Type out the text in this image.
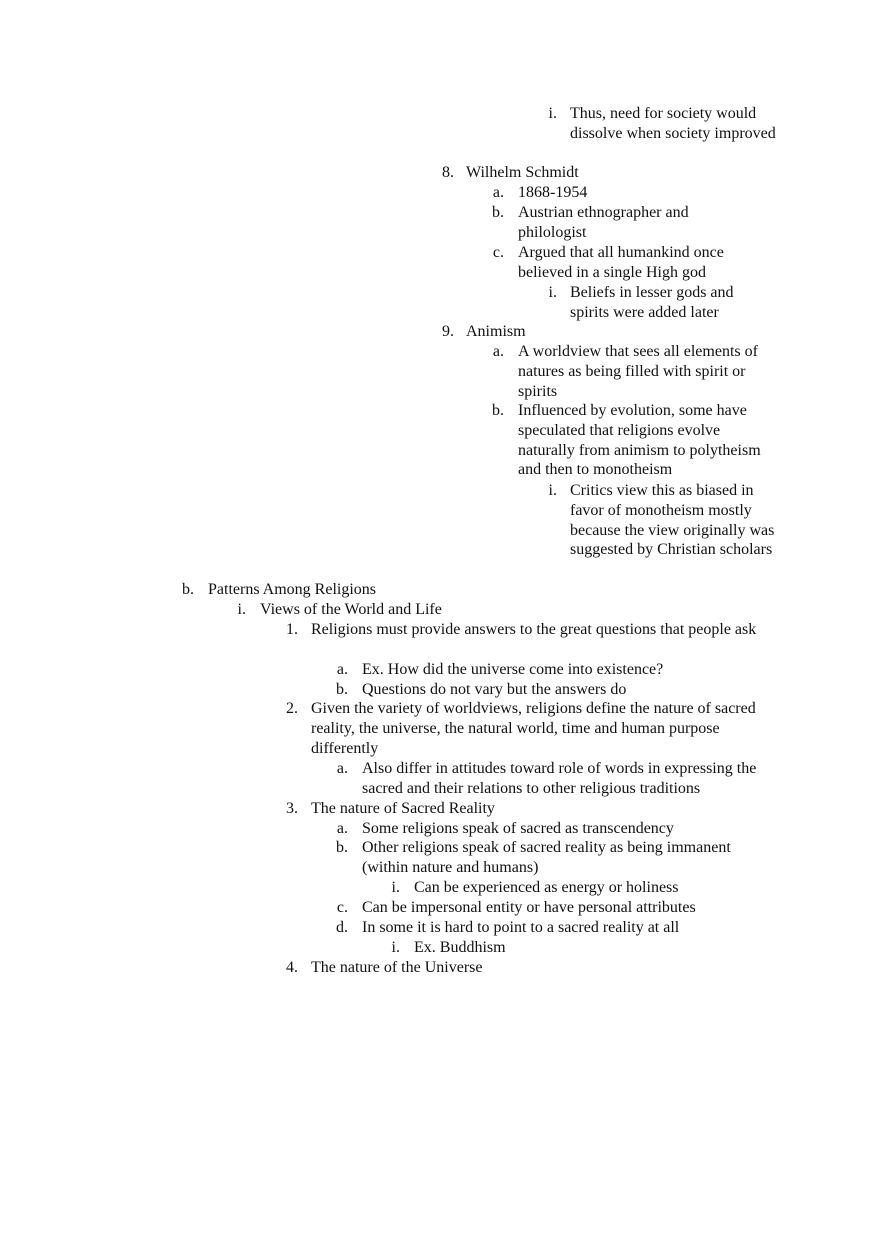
i. Thus, need for society would dissolve when society improved
8. Wilhelm Schmidt
a. 1868-1954
b. Austrian ethnographer and philologist
c. Argued that all humankind once believed in a single High god
i. Beliefs in lesser gods and spirits were added later
9. Animism
a. A worldview that sees all elements of natures as being filled with spirit or spirits
b. Influenced by evolution, some have speculated that religions evolve naturally from animism to polytheism and then to monotheism
i. Critics view this as biased in favor of monotheism mostly because the view originally was suggested by Christian scholars
b. Patterns Among Religions
i. Views of the World and Life
1. Religions must provide answers to the great questions that people ask
a. Ex. How did the universe come into existence?
b. Questions do not vary but the answers do
2. Given the variety of worldviews, religions define the nature of sacred reality, the universe, the natural world, time and human purpose differently
a. Also differ in attitudes toward role of words in expressing the sacred and their relations to other religious traditions
3. The nature of Sacred Reality
a. Some religions speak of sacred as transcendency
b. Other religions speak of sacred reality as being immanent (within nature and humans)
i. Can be experienced as energy or holiness
c. Can be impersonal entity or have personal attributes
d. In some it is hard to point to a sacred reality at all
i. Ex. Buddhism
4. The nature of the Universe
